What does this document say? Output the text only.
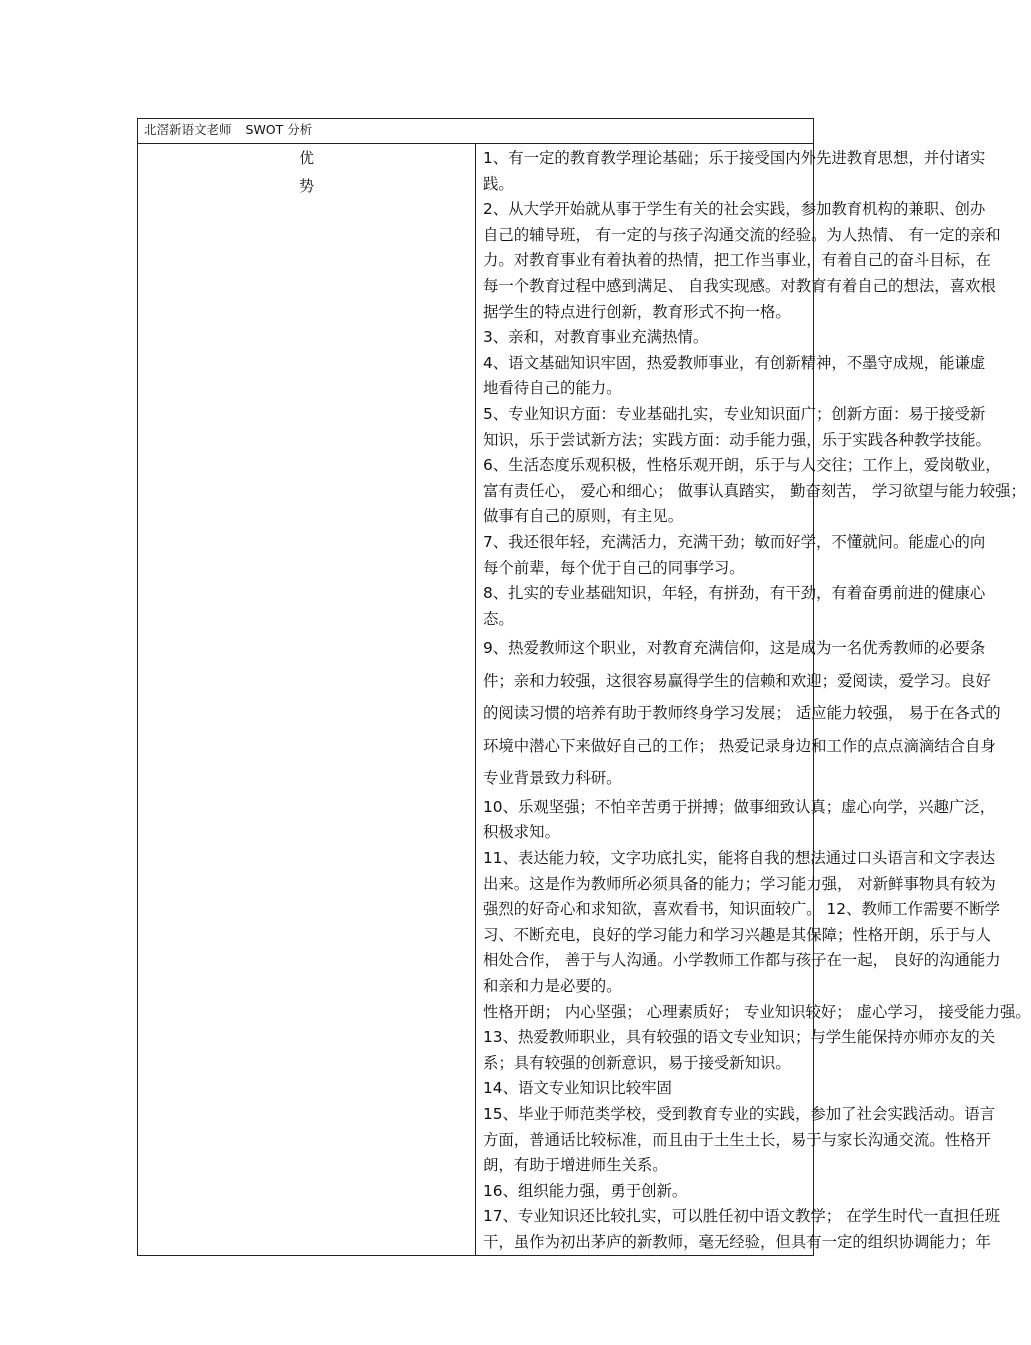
北滘新语文老师 SWOT 分析

优
势

1、有一定的教育教学理论基础；乐于接受国内外先进教育思想，并付诸实
践。
2、从大学开始就从事于学生有关的社会实践，参加教育机构的兼职、创办
自己的辅导班， 有一定的与孩子沟通交流的经验。为人热情、 有一定的亲和
力。对教育事业有着执着的热情，把工作当事业，有着自己的奋斗目标，在
每一个教育过程中感到满足、 自我实现感。对教育有着自己的想法，喜欢根
据学生的特点进行创新，教育形式不拘一格。
3、亲和，对教育事业充满热情。
4、语文基础知识牢固，热爱教师事业，有创新精神，不墨守成规，能谦虚
地看待自己的能力。
5、专业知识方面：专业基础扎实，专业知识面广；创新方面：易于接受新
知识，乐于尝试新方法；实践方面：动手能力强，乐于实践各种教学技能。
6、生活态度乐观积极，性格乐观开朗，乐于与人交往；工作上，爱岗敬业，
富有责任心， 爱心和细心； 做事认真踏实， 勤奋刻苦， 学习欲望与能力较强；
做事有自己的原则，有主见。
7、我还很年轻，充满活力，充满干劲；敏而好学，不懂就问。能虚心的向
每个前辈，每个优于自己的同事学习。
8、扎实的专业基础知识，年轻，有拼劲，有干劲，有着奋勇前进的健康心
态。
9、热爱教师这个职业，对教育充满信仰，这是成为一名优秀教师的必要条
件；亲和力较强，这很容易赢得学生的信赖和欢迎；爱阅读，爱学习。良好
的阅读习惯的培养有助于教师终身学习发展； 适应能力较强， 易于在各式的
环境中潜心下来做好自己的工作； 热爱记录身边和工作的点点滴滴结合自身
专业背景致力科研。
10、乐观坚强；不怕辛苦勇于拼搏；做事细致认真；虚心向学，兴趣广泛，
积极求知。
11、表达能力较，文字功底扎实，能将自我的想法通过口头语言和文字表达
出来。这是作为教师所必须具备的能力；学习能力强， 对新鲜事物具有较为
强烈的好奇心和求知欲，喜欢看书，知识面较广。 12、教师工作需要不断学
习、不断充电，良好的学习能力和学习兴趣是其保障；性格开朗，乐于与人
相处合作， 善于与人沟通。小学教师工作都与孩子在一起， 良好的沟通能力
和亲和力是必要的。
性格开朗； 内心坚强； 心理素质好； 专业知识较好； 虚心学习， 接受能力强。
13、热爱教师职业，具有较强的语文专业知识；与学生能保持亦师亦友的关
系；具有较强的创新意识，易于接受新知识。
14、语文专业知识比较牢固
15、毕业于师范类学校，受到教育专业的实践，参加了社会实践活动。语言
方面，普通话比较标准，而且由于土生土长，易于与家长沟通交流。性格开
朗，有助于增进师生关系。
16、组织能力强，勇于创新。
17、专业知识还比较扎实，可以胜任初中语文教学； 在学生时代一直担任班
干，虽作为初出茅庐的新教师，毫无经验，但具有一定的组织协调能力；年
